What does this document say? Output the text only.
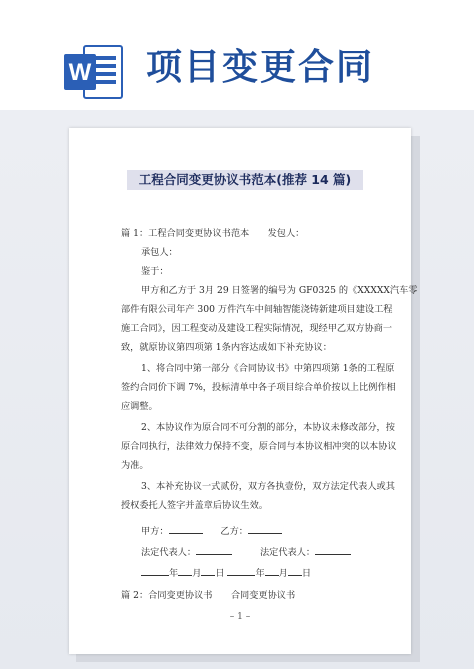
W 项目变更合同
工程合同变更协议书范本(推荐 14 篇)
篇 1：工程合同变更协议书范本　　发包人：
承包人：
鉴于：
甲方和乙方于 3月 29 日签署的编号为 GF0325 的《XXXXX汽车零
部件有限公司年产 300 万件汽车中间轴智能浇铸新建项目建设工程
施工合同》，因工程变动及建设工程实际情况，现经甲乙双方协商一
致，就原协议第四项第 1条内容达成如下补充协议：
1、将合同中第一部分《合同协议书》中第四项第 1条的工程原
签约合同价下调 7%，投标清单中各子项目综合单价按以上比例作相
应调整。
2、本协议作为原合同不可分割的部分，本协议未修改部分，按
原合同执行，法律效力保持不变，原合同与本协议相冲突的以本协议
为准。
3、本补充协议一式贰份，双方各执壹份，双方法定代表人或其
授权委托人签字并盖章后协议生效。
甲方：	乙方：
法定代表人：	法定代表人：
年 月 日	年 月 日
篇 2：合同变更协议书　　合同变更协议书
– 1 –
